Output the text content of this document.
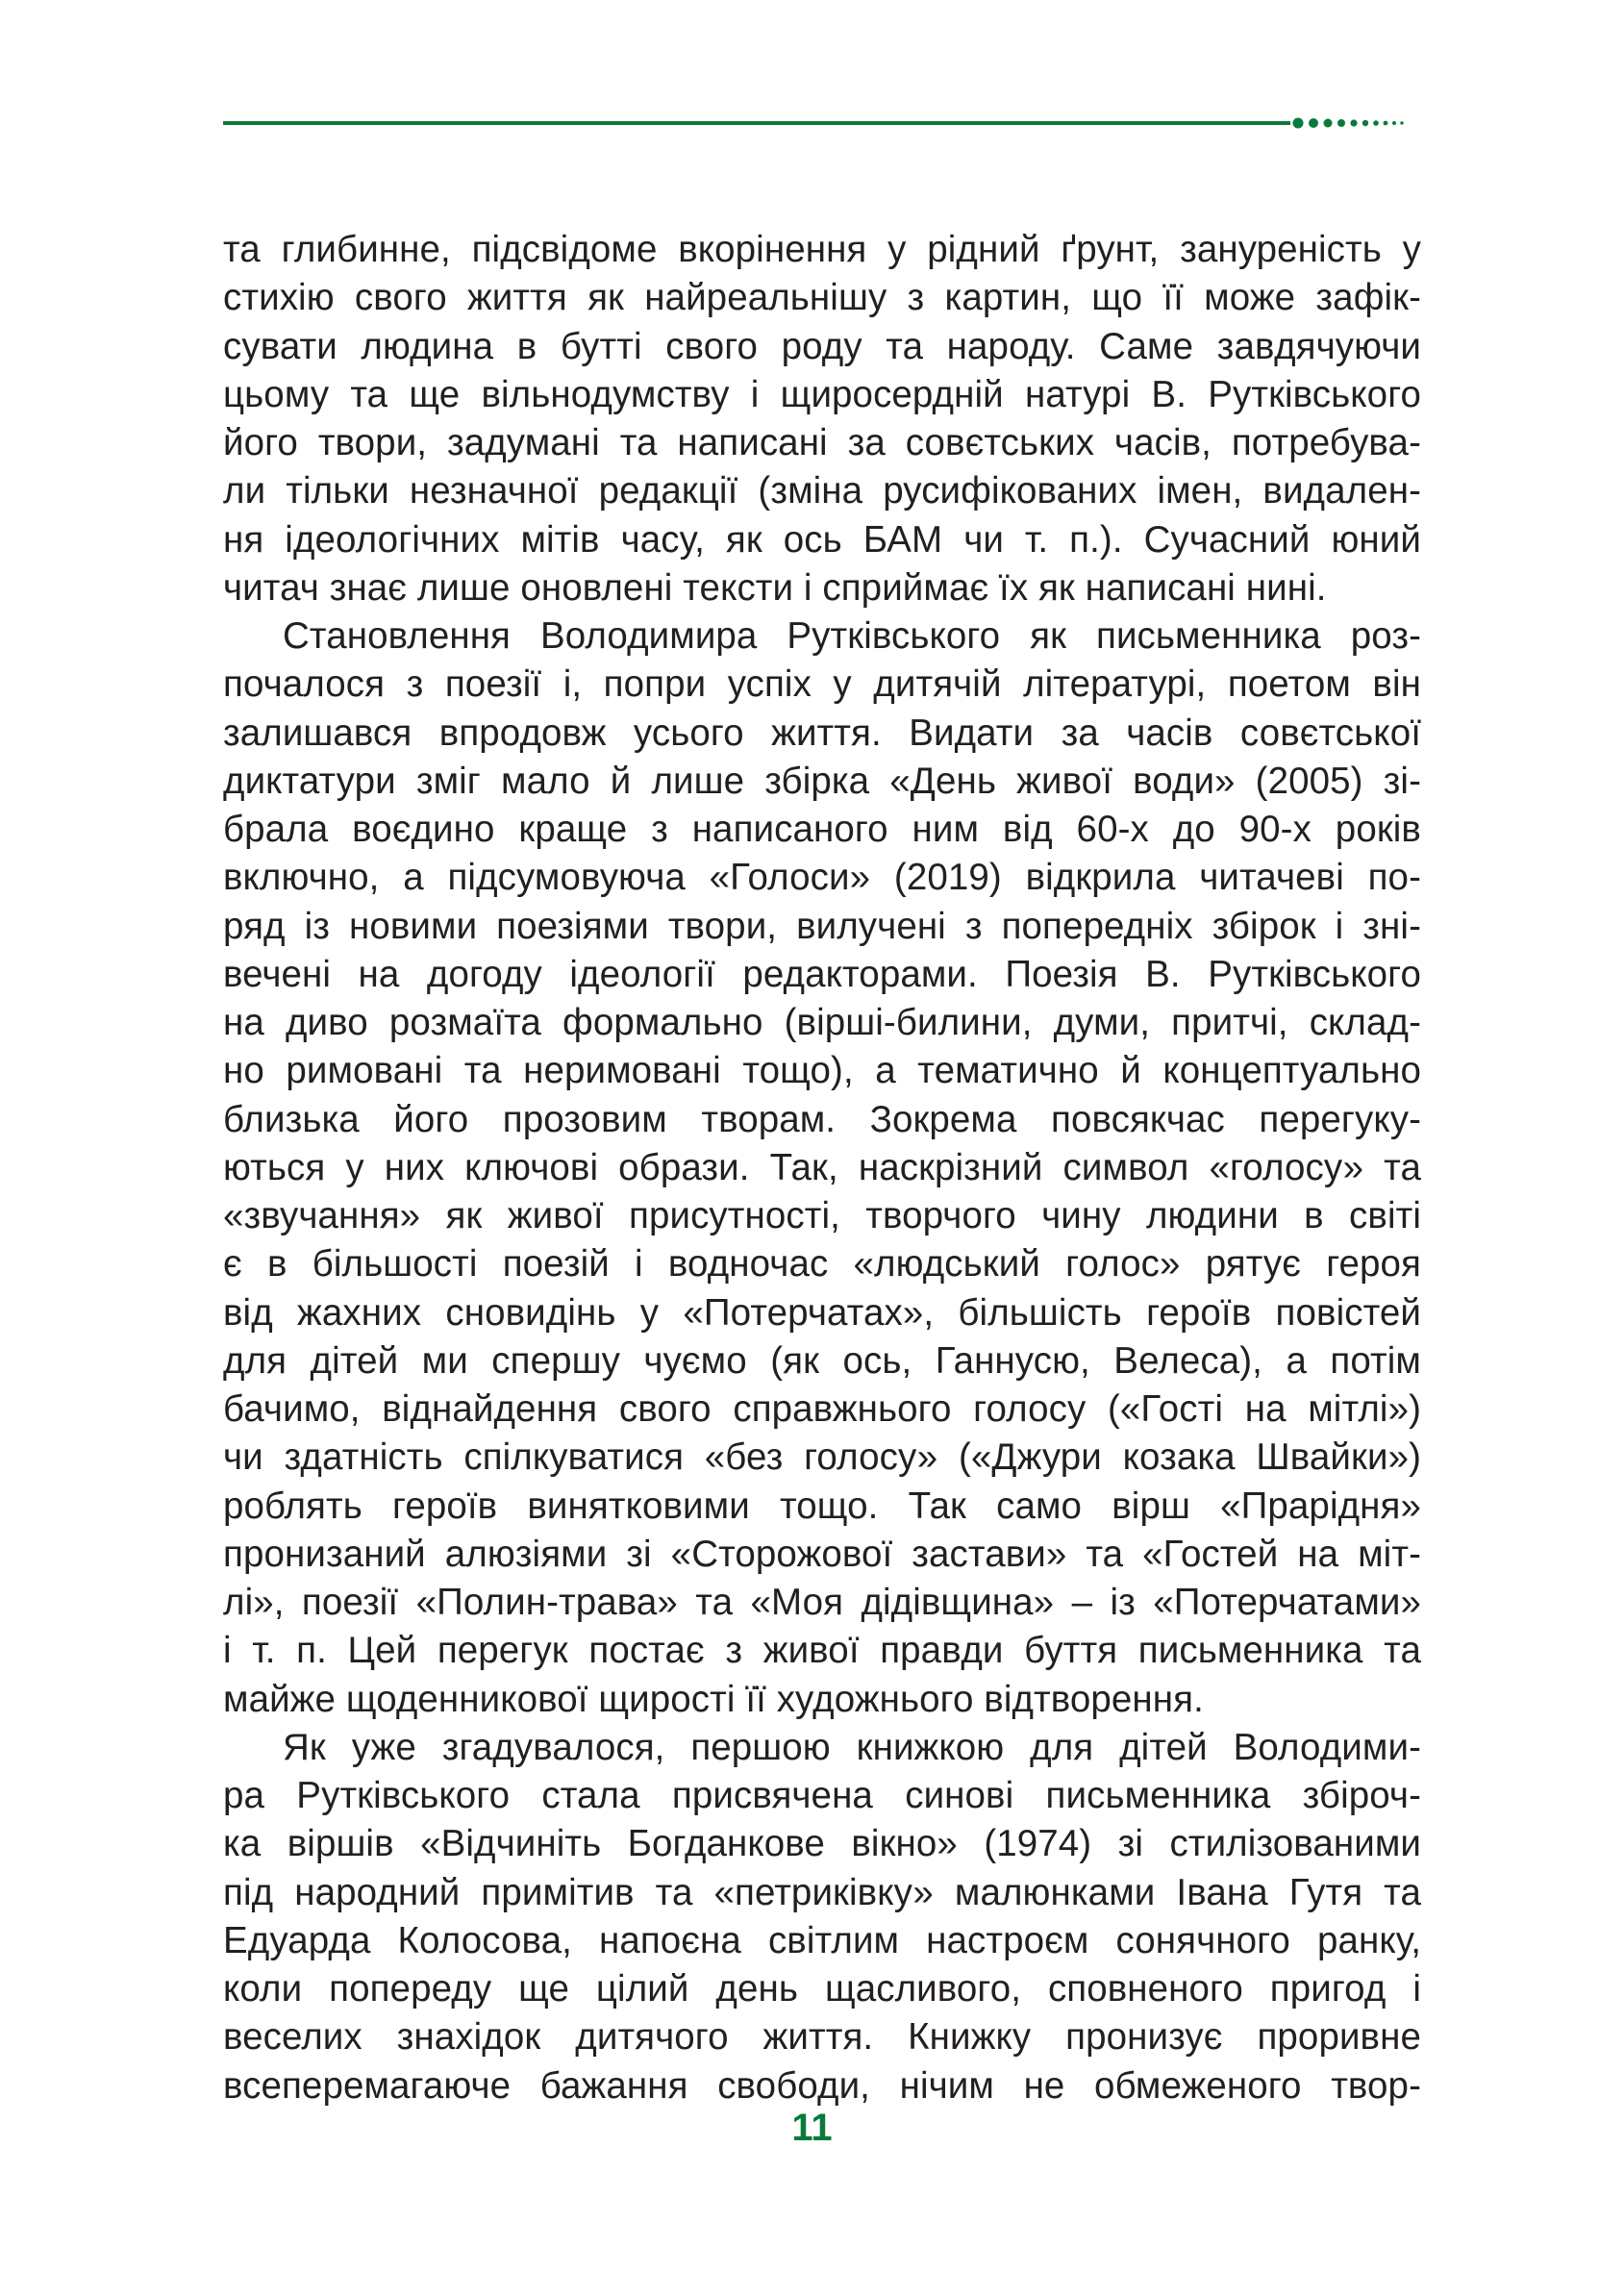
та глибинне, підсвідоме вкорінення у рідний ґрунт, зануреність у
стихію свого життя як найреальнішу з картин, що її може зафік-
сувати людина в бутті свого роду та народу. Саме завдячуючи
цьому та ще вільнодумству і щиросердній натурі В. Рутківського
його твори, задумані та написані за совєтських часів, потребува-
ли тільки незначної редакції (зміна русифікованих імен, видален-
ня ідеологічних мітів часу, як ось БАМ чи т. п.). Сучасний юний
читач знає лише оновлені тексти і сприймає їх як написані нині.

Становлення Володимира Рутківського як письменника роз-
почалося з поезії і, попри успіх у дитячій літературі, поетом він
залишався впродовж усього життя. Видати за часів совєтської
диктатури зміг мало й лише збірка «День живої води» (2005) зі-
брала воєдино краще з написаного ним від 60-х до 90-х років
включно, а підсумовуюча «Голоси» (2019) відкрила читачеві по-
ряд із новими поезіями твори, вилучені з попередніх збірок і зні-
вечені на догоду ідеології редакторами. Поезія В. Рутківського
на диво розмаїта формально (вірші-билини, думи, притчі, склад-
но римовані та неримовані тощо), а тематично й концептуально
близька його прозовим творам. Зокрема повсякчас перегуку-
ються у них ключові образи. Так, наскрізний символ «голосу» та
«звучання» як живої присутності, творчого чину людини в світі
є в більшості поезій і водночас «людський голос» рятує героя
від жахних сновидінь у «Потерчатах», більшість героїв повістей
для дітей ми спершу чуємо (як ось, Ганнусю, Велеса), а потім
бачимо, віднайдення свого справжнього голосу («Гості на мітлі»)
чи здатність спілкуватися «без голосу» («Джури козака Швайки»)
роблять героїв винятковими тощо. Так само вірш «Прарідня»
пронизаний алюзіями зі «Сторожової застави» та «Гостей на міт-
лі», поезії «Полин-трава» та «Моя дідівщина» – із «Потерчатами»
і т. п. Цей перегук постає з живої правди буття письменника та
майже щоденникової щирості її художнього відтворення.

Як уже згадувалося, першою книжкою для дітей Володими-
ра Рутківського стала присвячена синові письменника збіроч-
ка віршів «Відчиніть Богданкове вікно» (1974) зі стилізованими
під народний примітив та «петриківку» малюнками Івана Гутя та
Едуарда Колосова, напоєна світлим настроєм сонячного ранку,
коли попереду ще цілий день щасливого, сповненого пригод і
веселих знахідок дитячого життя. Книжку пронизує проривне
всеперемагаюче бажання свободи, нічим не обмеженого твор-

11
